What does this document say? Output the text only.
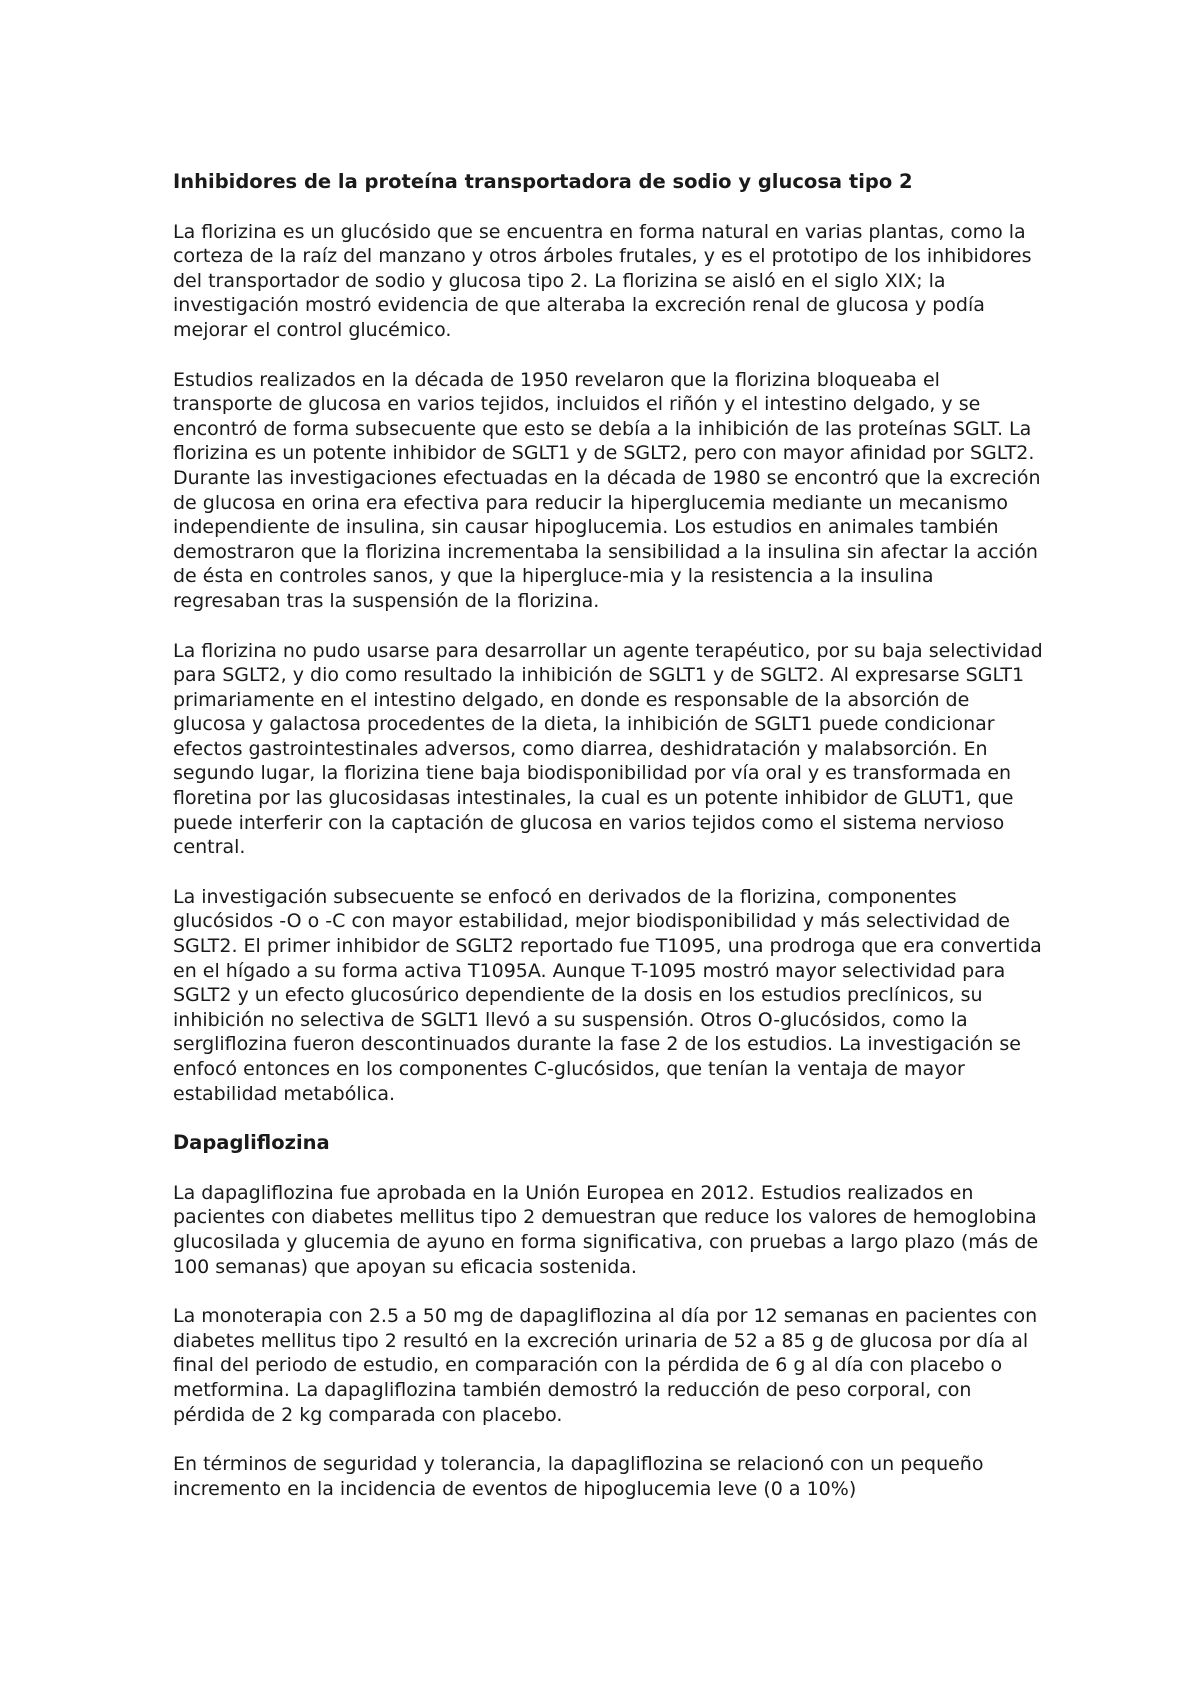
Inhibidores de la proteína transportadora de sodio y glucosa tipo 2

La florizina es un glucósido que se encuentra en forma natural en varias plantas, como la corteza de la raíz del manzano y otros árboles frutales, y es el prototipo de los inhibidores del transportador de sodio y glucosa tipo 2. La florizina se aisló en el siglo XIX; la investigación mostró evidencia de que alteraba la excreción renal de glucosa y podía mejorar el control glucémico.

Estudios realizados en la década de 1950 revelaron que la florizina bloqueaba el transporte de glucosa en varios tejidos, incluidos el riñón y el intestino delgado, y se encontró de forma subsecuente que esto se debía a la inhibición de las proteínas SGLT. La florizina es un potente inhibidor de SGLT1 y de SGLT2, pero con mayor afinidad por SGLT2. Durante las investigaciones efectuadas en la década de 1980 se encontró que la excreción de glucosa en orina era efectiva para reducir la hiperglucemia mediante un mecanismo independiente de insulina, sin causar hipoglucemia. Los estudios en animales también demostraron que la florizina incrementaba la sensibilidad a la insulina sin afectar la acción de ésta en controles sanos, y que la hipergluce-mia y la resistencia a la insulina regresaban tras la suspensión de la florizina.

La florizina no pudo usarse para desarrollar un agente terapéutico, por su baja selectividad para SGLT2, y dio como resultado la inhibición de SGLT1 y de SGLT2. Al expresarse SGLT1 primariamente en el intestino delgado, en donde es responsable de la absorción de glucosa y galactosa procedentes de la dieta, la inhibición de SGLT1 puede condicionar efectos gastrointestinales adversos, como diarrea, deshidratación y malabsorción. En segundo lugar, la florizina tiene baja biodisponibilidad por vía oral y es transformada en floretina por las glucosidasas intestinales, la cual es un potente inhibidor de GLUT1, que puede interferir con la captación de glucosa en varios tejidos como el sistema nervioso central.

La investigación subsecuente se enfocó en derivados de la florizina, componentes glucósidos -O o -C con mayor estabilidad, mejor biodisponibilidad y más selectividad de SGLT2. El primer inhibidor de SGLT2 reportado fue T1095, una prodroga que era convertida en el hígado a su forma activa T1095A. Aunque T-1095 mostró mayor selectividad para SGLT2 y un efecto glucosúrico dependiente de la dosis en los estudios preclínicos, su inhibición no selectiva de SGLT1 llevó a su suspensión. Otros O-glucósidos, como la sergliflozina fueron descontinuados durante la fase 2 de los estudios. La investigación se enfocó entonces en los componentes C-glucósidos, que tenían la ventaja de mayor estabilidad metabólica.

Dapagliflozina

La dapagliflozina fue aprobada en la Unión Europea en 2012. Estudios realizados en pacientes con diabetes mellitus tipo 2 demuestran que reduce los valores de hemoglobina glucosilada y glucemia de ayuno en forma significativa, con pruebas a largo plazo (más de 100 semanas) que apoyan su eficacia sostenida.

La monoterapia con 2.5 a 50 mg de dapagliflozina al día por 12 semanas en pacientes con diabetes mellitus tipo 2 resultó en la excreción urinaria de 52 a 85 g de glucosa por día al final del periodo de estudio, en comparación con la pérdida de 6 g al día con placebo o metformina. La dapagliflozina también demostró la reducción de peso corporal, con pérdida de 2 kg comparada con placebo.

En términos de seguridad y tolerancia, la dapagliflozina se relacionó con un pequeño incremento en la incidencia de eventos de hipoglucemia leve (0 a 10%)
